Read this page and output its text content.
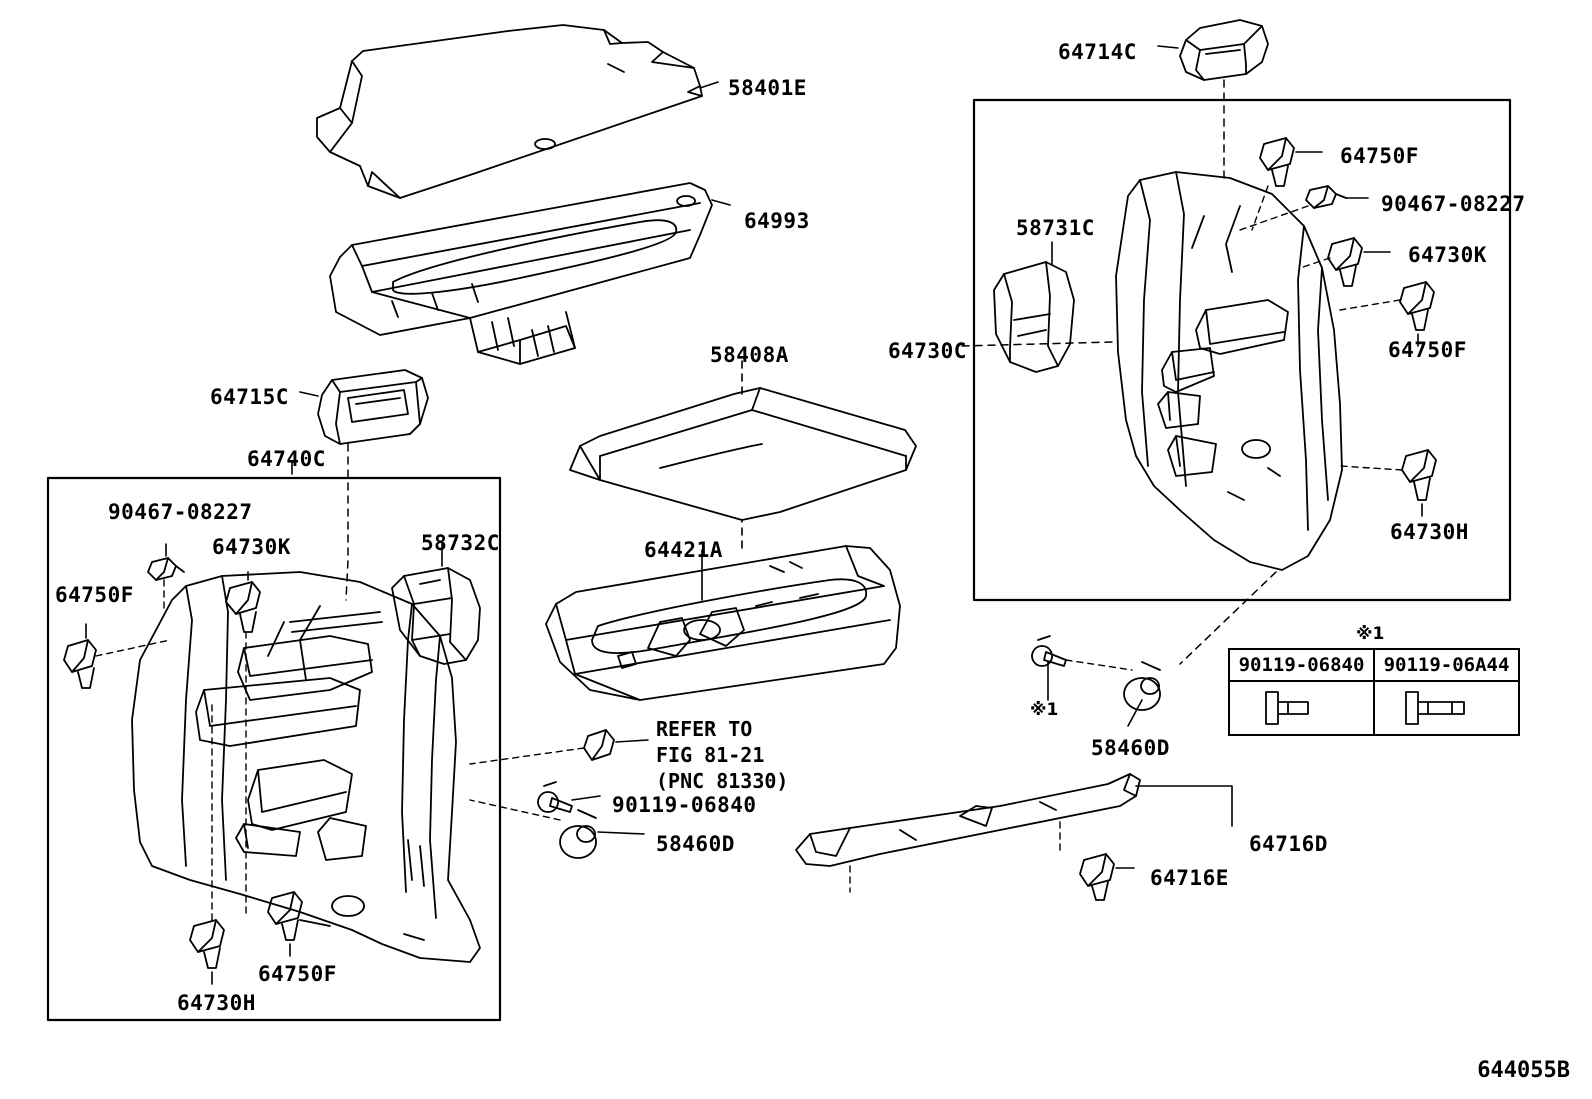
58401E
64993
64714C
64750F
90467-08227
64730K
58731C
64750F
64730C
64730H
58408A
64715C
64740C
90467-08227
64730K	58732C	64421A
64750F
90119-06840
58460D
58460D
64716D
64716E
64750F
64730H
REFER TO
FIG 81-21
(PNC 81330)
※1
※1
90119-06840	90119-06A44
644055B
